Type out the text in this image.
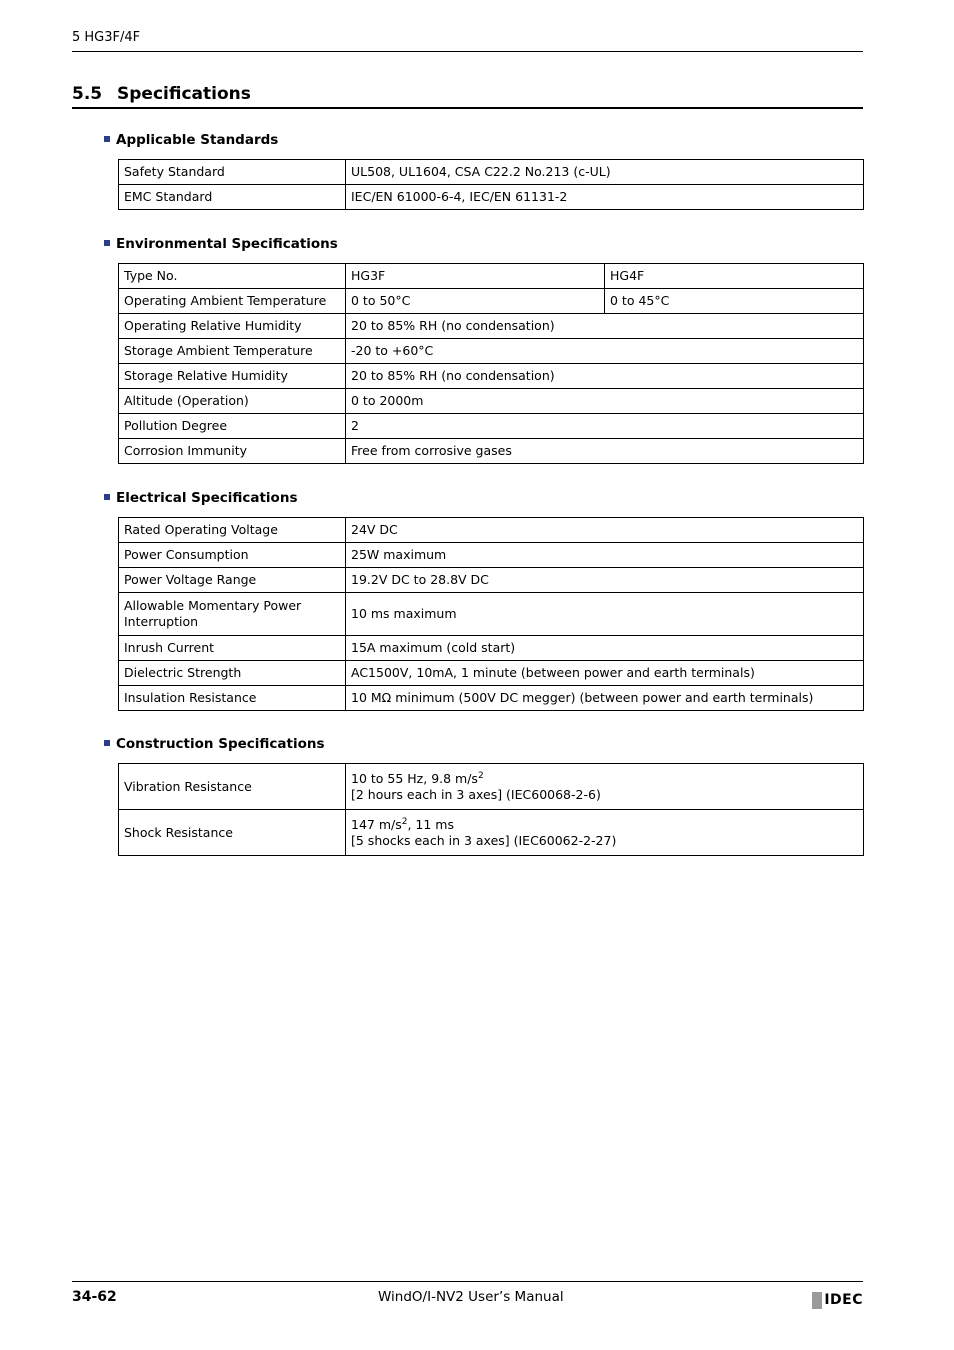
5 HG3F/4F
5.5 Specifications
Applicable Standards
Safety Standard	UL508, UL1604, CSA C22.2 No.213 (c-UL)
EMC Standard	IEC/EN 61000-6-4, IEC/EN 61131-2
Environmental Specifications
Type No.	HG3F	HG4F
Operating Ambient Temperature	0 to 50°C	0 to 45°C
Operating Relative Humidity	20 to 85% RH (no condensation)	
Storage Ambient Temperature	-20 to +60°C	
Storage Relative Humidity	20 to 85% RH (no condensation)	
Altitude (Operation)	0 to 2000m	
Pollution Degree	2	
Corrosion Immunity	Free from corrosive gases	
Electrical Specifications
Rated Operating Voltage	24V DC
Power Consumption	25W maximum
Power Voltage Range	19.2V DC to 28.8V DC
Allowable Momentary Power
Interruption	10 ms maximum
Inrush Current	15A maximum (cold start)
Dielectric Strength	AC1500V, 10mA, 1 minute (between power and earth terminals)
Insulation Resistance	10 MΩ minimum (500V DC megger) (between power and earth terminals)
Construction Specifications
Vibration Resistance	10 to 55 Hz, 9.8 $m/s^2$
[2 hours each in 3 axes] (IEC60068-2-6)
Shock Resistance	147 $m/s^2$, 11 ms
[5 shocks each in 3 axes] (IEC60062-2-27)
34-62	WindO/I-NV2 User’s Manual	IDEC
